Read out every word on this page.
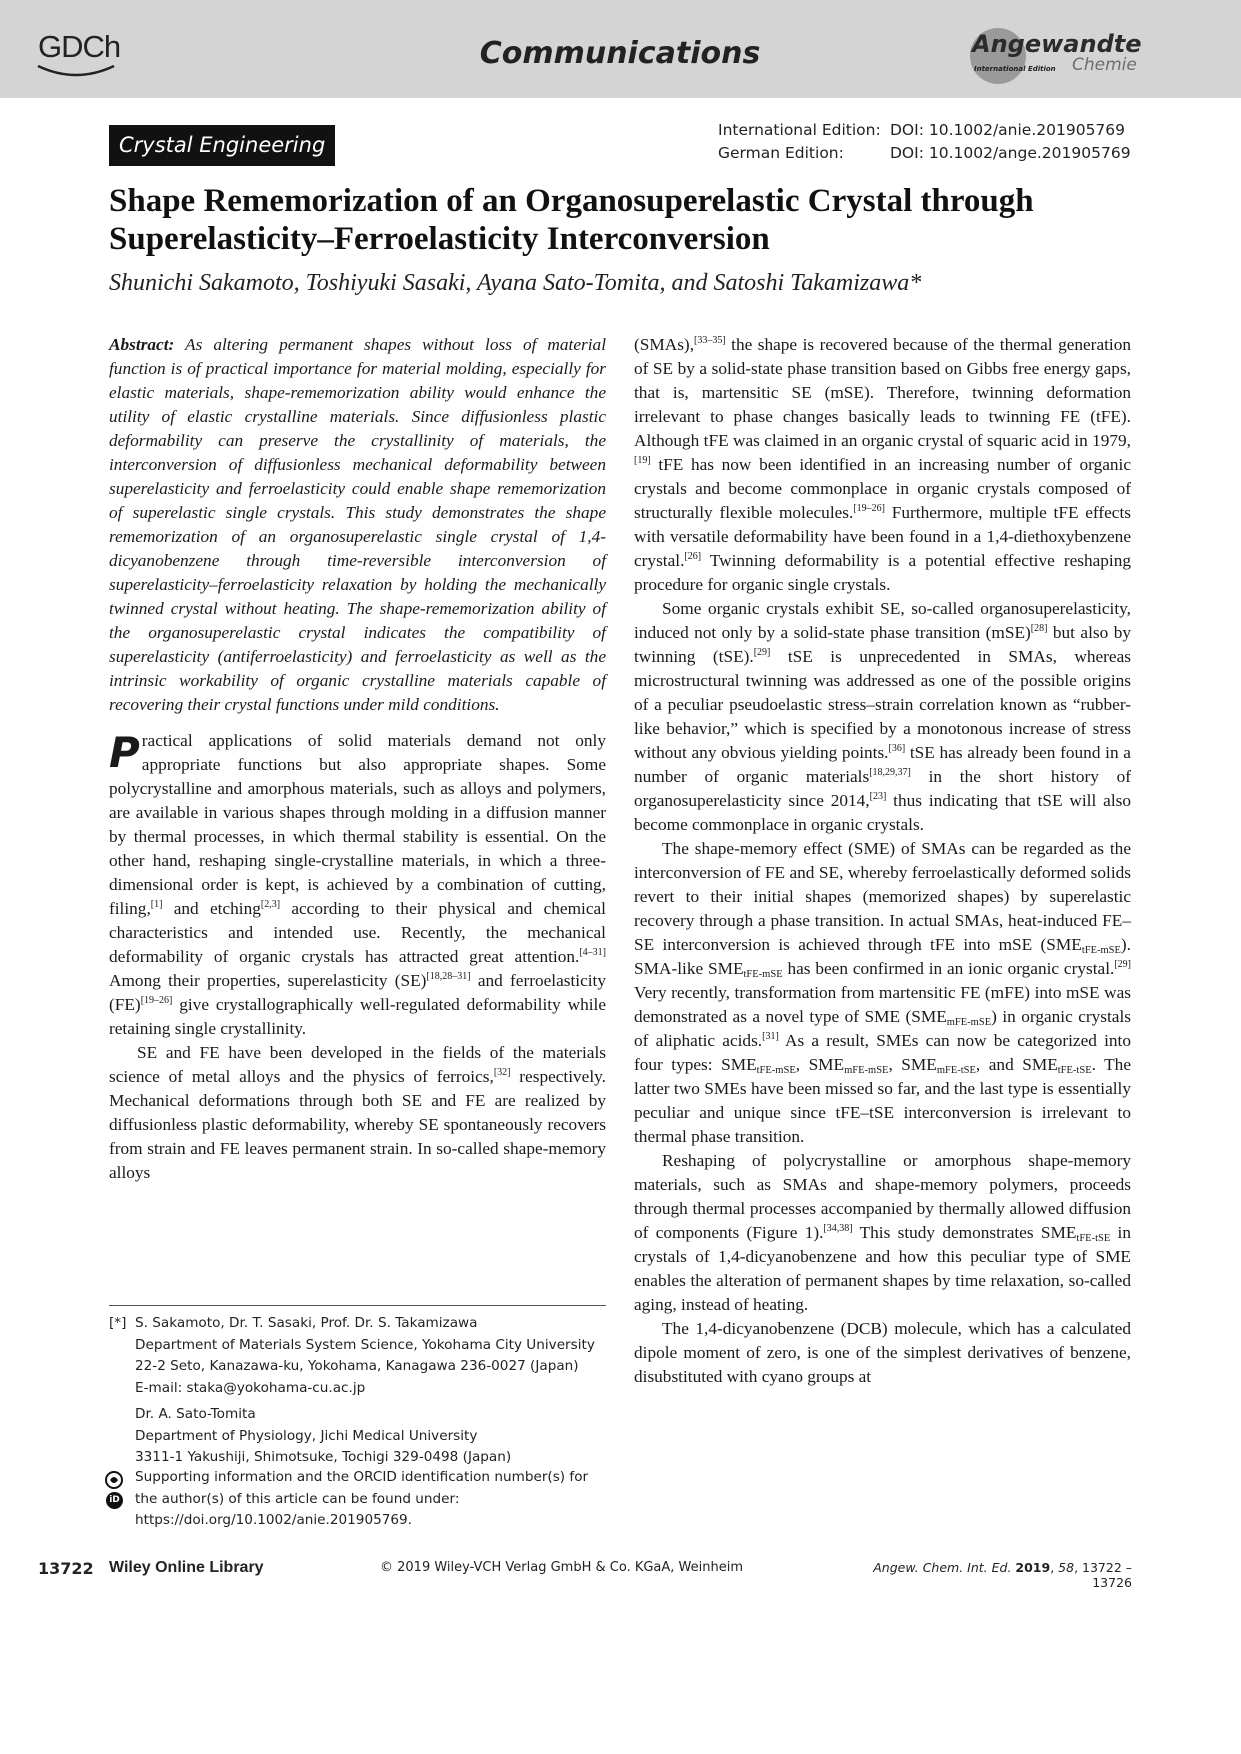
GDCh	Communications	Angewandte
Chemie
International Edition
Crystal Engineering
International Edition: DOI: 10.1002/anie.201905769
German Edition:	DOI: 10.1002/ange.201905769
Shape Rememorization of an Organosuperelastic Crystal through Superelasticity–Ferroelasticity Interconversion
Shunichi Sakamoto, Toshiyuki Sasaki, Ayana Sato-Tomita, and Satoshi Takamizawa*

Abstract: As altering permanent shapes without loss of material function is of practical importance for material molding, especially for elastic materials, shape-rememorization ability would enhance the utility of elastic crystalline materials. Since diffusionless plastic deformability can preserve the crystallinity of materials, the interconversion of diffusionless mechanical deformability between superelasticity and ferroelasticity could enable shape rememorization of superelastic single crystals. This study demonstrates the shape rememorization of an organosuperelastic single crystal of 1,4-dicyanobenzene through time-reversible interconversion of superelasticity–ferroelasticity relaxation by holding the mechanically twinned crystal without heating. The shape-rememorization ability of the organosuperelastic crystal indicates the compatibility of superelasticity (antiferroelasticity) and ferroelasticity as well as the intrinsic workability of organic crystalline materials capable of recovering their crystal functions under mild conditions.

Practical applications of solid materials demand not only appropriate functions but also appropriate shapes. Some polycrystalline and amorphous materials, such as alloys and polymers, are available in various shapes through molding in a diffusion manner by thermal processes, in which thermal stability is essential. On the other hand, reshaping single-crystalline materials, in which a three-dimensional order is kept, is achieved by a combination of cutting, filing,[1] and etching[2,3] according to their physical and chemical characteristics and intended use. Recently, the mechanical deformability of organic crystals has attracted great attention.[4–31] Among their properties, superelasticity (SE)[18,28–31] and ferroelasticity (FE)[19–26] give crystallographically well-regulated deformability while retaining single crystallinity.

SE and FE have been developed in the fields of the materials science of metal alloys and the physics of ferroics,[32] respectively. Mechanical deformations through both SE and FE are realized by diffusionless plastic deformability, whereby SE spontaneously recovers from strain and FE leaves permanent strain. In so-called shape-memory alloys

(SMAs),[33–35] the shape is recovered because of the thermal generation of SE by a solid-state phase transition based on Gibbs free energy gaps, that is, martensitic SE (mSE). Therefore, twinning deformation irrelevant to phase changes basically leads to twinning FE (tFE). Although tFE was claimed in an organic crystal of squaric acid in 1979,[19] tFE has now been identified in an increasing number of organic crystals and become commonplace in organic crystals composed of structurally flexible molecules.[19–26] Furthermore, multiple tFE effects with versatile deformability have been found in a 1,4-diethoxybenzene crystal.[26] Twinning deformability is a potential effective reshaping procedure for organic single crystals.

Some organic crystals exhibit SE, so-called organosuperelasticity, induced not only by a solid-state phase transition (mSE)[28] but also by twinning (tSE).[29] tSE is unprecedented in SMAs, whereas microstructural twinning was addressed as one of the possible origins of a peculiar pseudoelastic stress–strain correlation known as “rubber-like behavior,” which is specified by a monotonous increase of stress without any obvious yielding points.[36] tSE has already been found in a number of organic materials[18,29,37] in the short history of organosuperelasticity since 2014,[23] thus indicating that tSE will also become commonplace in organic crystals.

The shape-memory effect (SME) of SMAs can be regarded as the interconversion of FE and SE, whereby ferroelastically deformed solids revert to their initial shapes (memorized shapes) by superelastic recovery through a phase transition. In actual SMAs, heat-induced FE–SE interconversion is achieved through tFE into mSE $(SME_{tFE-mSE})$. SMA-like $SME_{tFE-mSE}$ has been confirmed in an ionic organic crystal.[29] Very recently, transformation from martensitic FE (mFE) into mSE was demonstrated as a novel type of SME $(SME_{mFE-mSE})$ in organic crystals of aliphatic acids.[31] As a result, SMEs can now be categorized into four types: $SME_{tFE-mSE}$, $SME_{mFE-mSE}$, $SME_{mFE-tSE}$, and $SME_{tFE-tSE}$. The latter two SMEs have been missed so far, and the last type is essentially peculiar and unique since tFE–tSE interconversion is irrelevant to thermal phase transition.

Reshaping of polycrystalline or amorphous shape-memory materials, such as SMAs and shape-memory polymers, proceeds through thermal processes accompanied by thermally allowed diffusion of components (Figure 1).[34,38] This study demonstrates $SME_{tFE-tSE}$ in crystals of 1,4-dicyanobenzene and how this peculiar type of SME enables the alteration of permanent shapes by time relaxation, so-called aging, instead of heating.

The 1,4-dicyanobenzene (DCB) molecule, which has a calculated dipole moment of zero, is one of the simplest derivatives of benzene, disubstituted with cyano groups at

[*] S. Sakamoto, Dr. T. Sasaki, Prof. Dr. S. Takamizawa
Department of Materials System Science, Yokohama City University
22-2 Seto, Kanazawa-ku, Yokohama, Kanagawa 236-0027 (Japan)
E-mail: staka@yokohama-cu.ac.jp
Dr. A. Sato-Tomita
Department of Physiology, Jichi Medical University
3311-1 Yakushiji, Shimotsuke, Tochigi 329-0498 (Japan)
iD
Supporting information and the ORCID identification number(s) for the author(s) of this article can be found under: https://doi.org/10.1002/anie.201905769.
13722 Wiley Online Library	© 2019 Wiley-VCH Verlag GmbH & Co. KGaA, Weinheim	Angew. Chem. Int. Ed. 2019, 58, 13722 –13726
